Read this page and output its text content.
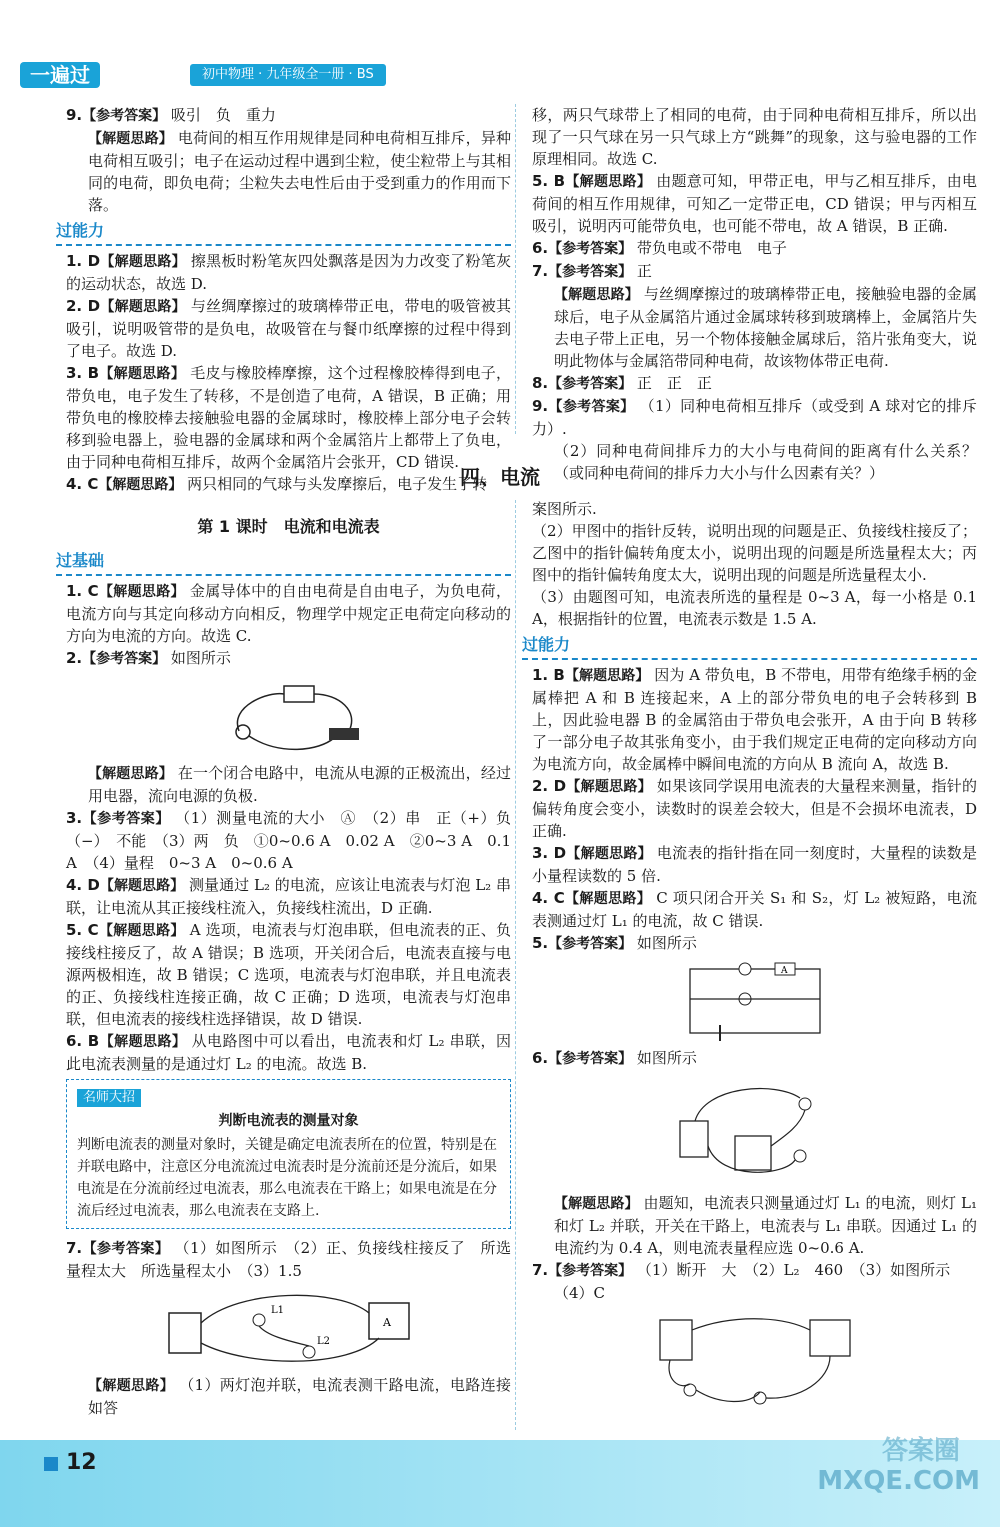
一遍过	初中物理 · 九年级全一册 · BS

9.【参考答案】 吸引　负　重力

【解题思路】 电荷间的相互作用规律是同种电荷相互排斥，异种电荷相互吸引；电子在运动过程中遇到尘粒，使尘粒带上与其相同的电荷，即负电荷；尘粒失去电性后由于受到重力的作用而下落。

过能力

1. D【解题思路】 擦黑板时粉笔灰四处飘落是因为力改变了粉笔灰的运动状态，故选 D.

2. D【解题思路】 与丝绸摩擦过的玻璃棒带正电，带电的吸管被其吸引，说明吸管带的是负电，故吸管在与餐巾纸摩擦的过程中得到了电子。故选 D.

3. B【解题思路】 毛皮与橡胶棒摩擦，这个过程橡胶棒得到电子，带负电，电子发生了转移，不是创造了电荷，A 错误，B 正确；用带负电的橡胶棒去接触验电器的金属球时，橡胶棒上部分电子会转移到验电器上，验电器的金属球和两个金属箔片上都带上了负电，由于同种电荷相互排斥，故两个金属箔片会张开，CD 错误.

4. C【解题思路】 两只相同的气球与头发摩擦后，电子发生了转

移，两只气球带上了相同的电荷，由于同种电荷相互排斥，所以出现了一只气球在另一只气球上方“跳舞”的现象，这与验电器的工作原理相同。故选 C.

5. B【解题思路】 由题意可知，甲带正电，甲与乙相互排斥，由电荷间的相互作用规律，可知乙一定带正电，CD 错误；甲与丙相互吸引，说明丙可能带负电，也可能不带电，故 A 错误，B 正确.

6.【参考答案】 带负电或不带电　电子

7.【参考答案】 正

【解题思路】 与丝绸摩擦过的玻璃棒带正电，接触验电器的金属球后，电子从金属箔片通过金属球转移到玻璃棒上，金属箔片失去电子带上正电，另一个物体接触金属球后，箔片张角变大，说明此物体与金属箔带同种电荷，故该物体带正电荷.

8.【参考答案】 正　正　正

9.【参考答案】 （1）同种电荷相互排斥（或受到 A 球对它的排斥力）.

（2）同种电荷间排斥力的大小与电荷间的距离有什么关系？（或同种电荷间的排斥力大小与什么因素有关？）

四、电流
第 1 课时　电流和电流表
过基础

1. C【解题思路】 金属导体中的自由电荷是自由电子，为负电荷，电流方向与其定向移动方向相反，物理学中规定正电荷定向移动的方向为电流的方向。故选 C.

2.【参考答案】 如图所示

【解题思路】 在一个闭合电路中，电流从电源的正极流出，经过用电器，流向电源的负极.

3.【参考答案】 （1）测量电流的大小　Ⓐ　（2）串　正（+）负（−）　不能　（3）两　负　①0~0.6 A　0.02 A　②0~3 A　0.1 A　（4）量程　0~3 A　0~0.6 A

4. D【解题思路】 测量通过 L₂ 的电流，应该让电流表与灯泡 L₂ 串联，让电流从其正接线柱流入，负接线柱流出，D 正确.

5. C【解题思路】 A 选项，电流表与灯泡串联，但电流表的正、负接线柱接反了，故 A 错误；B 选项，开关闭合后，电流表直接与电源两极相连，故 B 错误；C 选项，电流表与灯泡串联，并且电流表的正、负接线柱连接正确，故 C 正确；D 选项，电流表与灯泡串联，但电流表的接线柱选择错误，故 D 错误.

6. B【解题思路】 从电路图中可以看出，电流表和灯 L₂ 串联，因此电流表测量的是通过灯 L₂ 的电流。故选 B.

名师大招
判断电流表的测量对象
判断电流表的测量对象时，关键是确定电流表所在的位置，特别是在并联电路中，注意区分电流流过电流表时是分流前还是分流后，如果电流是在分流前经过电流表，那么电流表在干路上；如果电流是在分流后经过电流表，那么电流表在支路上.

7.【参考答案】 （1）如图所示　（2）正、负接线柱接反了　所选量程太大　所选量程太小　（3）1.5

A
L1
L2

【解题思路】 （1）两灯泡并联，电流表测干路电流，电路连接如答

案图所示.

（2）甲图中的指针反转，说明出现的问题是正、负接线柱接反了；乙图中的指针偏转角度太小，说明出现的问题是所选量程太大；丙图中的指针偏转角度太大，说明出现的问题是所选量程太小.

（3）由题图可知，电流表所选的量程是 0~3 A，每一小格是 0.1 A，根据指针的位置，电流表示数是 1.5 A.

过能力

1. B【解题思路】 因为 A 带负电，B 不带电，用带有绝缘手柄的金属棒把 A 和 B 连接起来，A 上的部分带负电的电子会转移到 B 上，因此验电器 B 的金属箔由于带负电会张开，A 由于向 B 转移了一部分电子故其张角变小，由于我们规定正电荷的定向移动方向为电流方向，故金属棒中瞬间电流的方向从 B 流向 A，故选 B.

2. D【解题思路】 如果该同学误用电流表的大量程来测量，指针的偏转角度会变小，读数时的误差会较大，但是不会损坏电流表，D 正确.

3. D【解题思路】 电流表的指针指在同一刻度时，大量程的读数是小量程读数的 5 倍.

4. C【解题思路】 C 项只闭合开关 S₁ 和 S₂，灯 L₂ 被短路，电流表测通过灯 L₁ 的电流，故 C 错误.

5.【参考答案】 如图所示

A

6.【参考答案】 如图所示

【解题思路】 由题知，电流表只测量通过灯 L₁ 的电流，则灯 L₁ 和灯 L₂ 并联，开关在干路上，电流表与 L₁ 串联。因通过 L₁ 的电流约为 0.4 A，则电流表量程应选 0~0.6 A.

7.【参考答案】 （1）断开　大　（2）L₂　460　（3）如图所示

（4）C

12	答案圈
MXQE.COM
